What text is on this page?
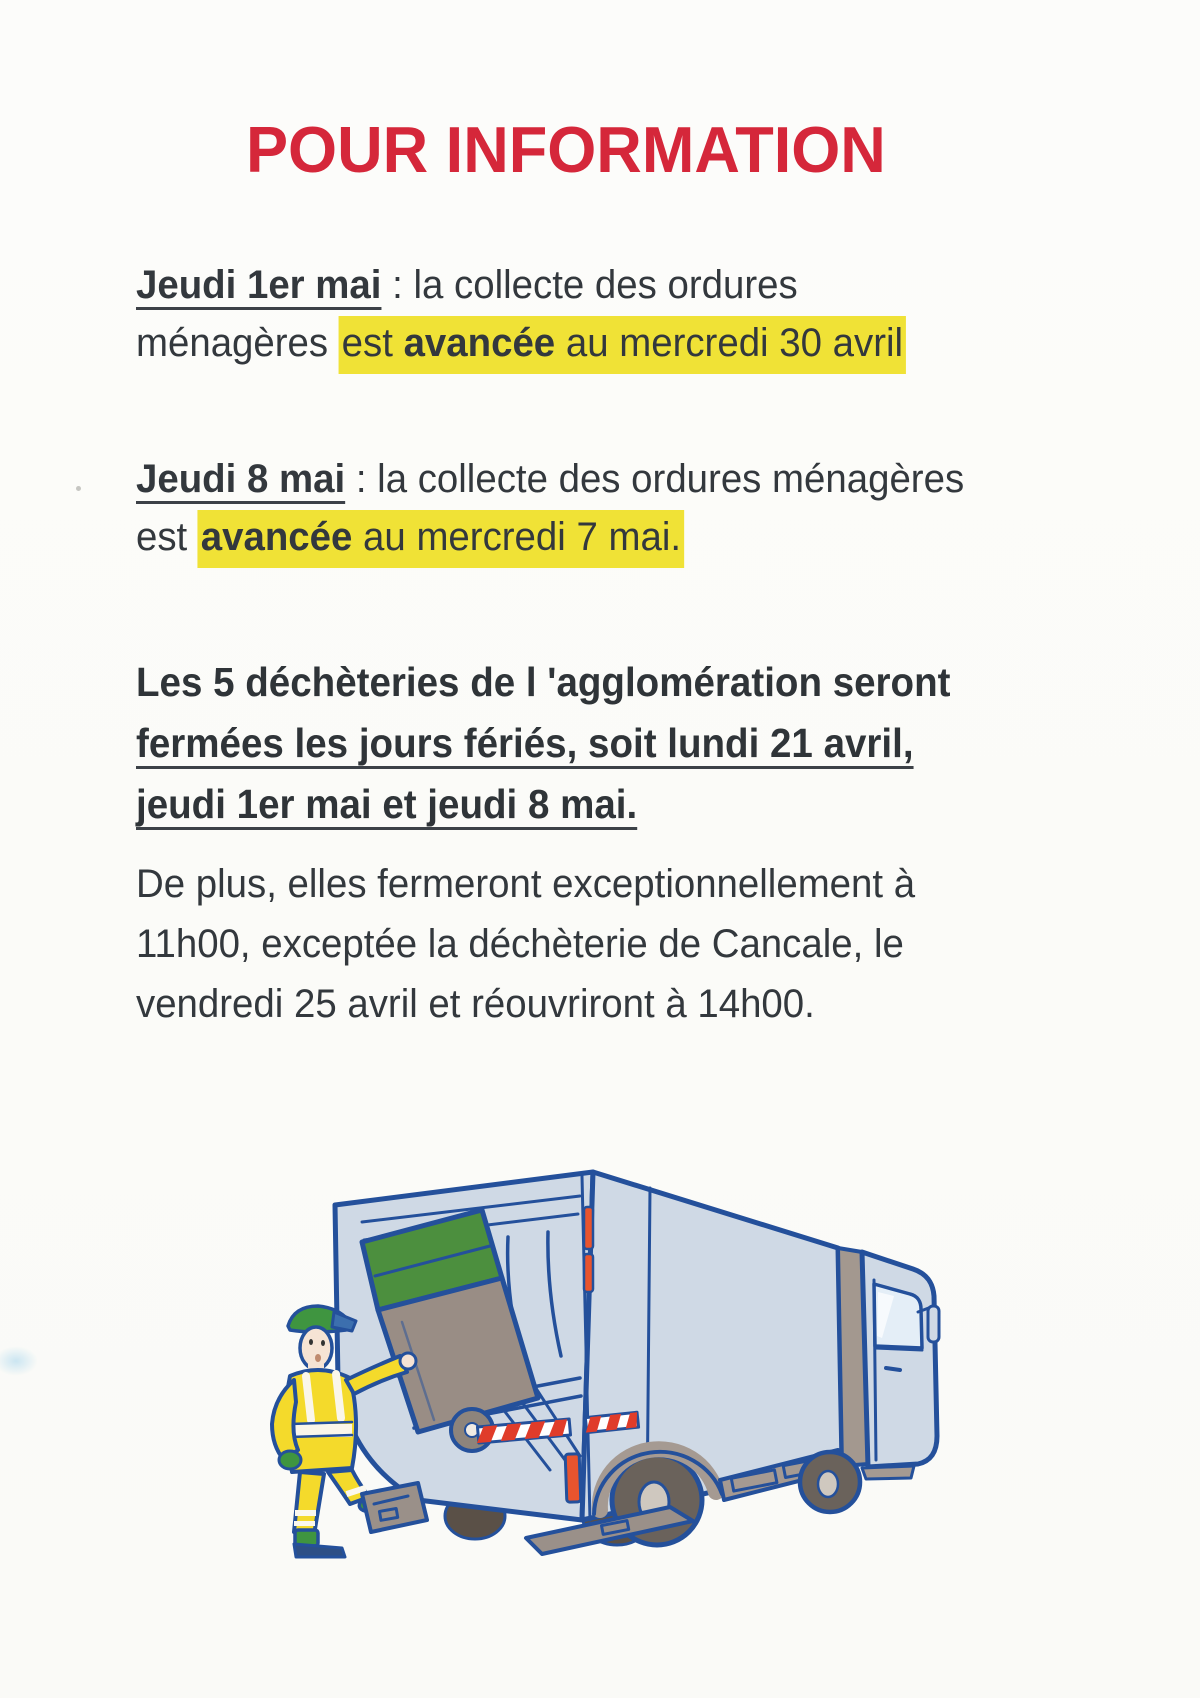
POUR INFORMATION
Jeudi 1er mai : la collecte des ordures
ménagères est avancée au mercredi 30 avril
Jeudi 8 mai : la collecte des ordures ménagères
est avancée au mercredi 7 mai.
Les 5 déchèteries de l 'agglomération seront
fermées les jours fériés, soit lundi 21 avril,
jeudi 1er mai et jeudi 8 mai.
De plus, elles fermeront exceptionnellement à
11h00, exceptée la déchèterie de Cancale, le
vendredi 25 avril et réouvriront à 14h00.
